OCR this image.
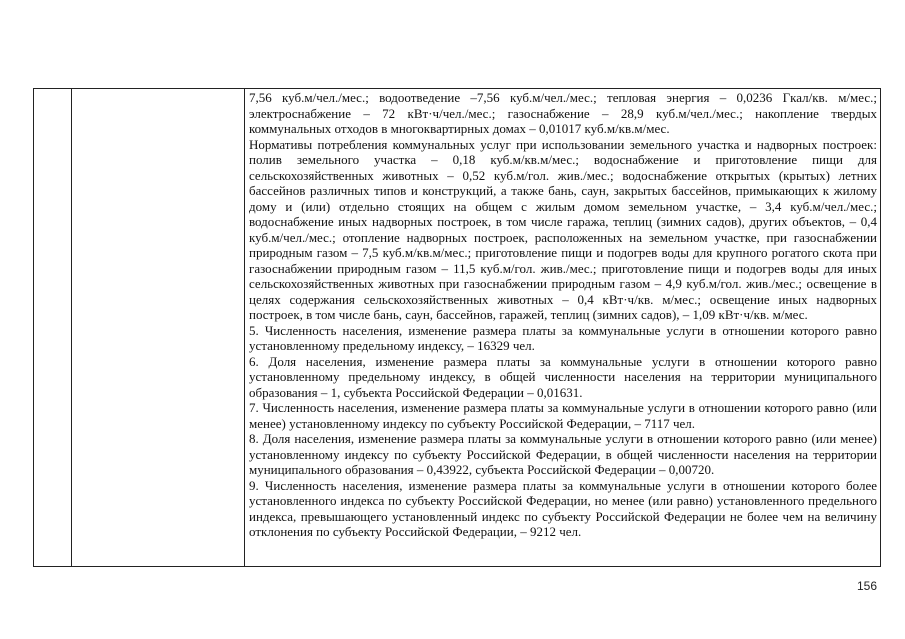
7,56 куб.м/чел./мес.; водоотведение –7,56 куб.м/чел./мес.; тепловая энергия – 0,0236 Гкал/кв. м/мес.; электроснабжение – 72 кВт·ч/чел./мес.; газоснабжение – 28,9 куб.м/чел./мес.; накопление твердых коммунальных отходов в многоквартирных домах – 0,01017 куб.м/кв.м/мес.

Нормативы потребления коммунальных услуг при использовании земельного участка и надворных построек: полив земельного участка – 0,18 куб.м/кв.м/мес.; водоснабжение и приготовление пищи для сельскохозяйственных животных – 0,52 куб.м/гол. жив./мес.; водоснабжение открытых (крытых) летних бассейнов различных типов и конструкций, а также бань, саун, закрытых бассейнов, примыкающих к жилому дому и (или) отдельно стоящих на общем с жилым домом земельном участке, – 3,4 куб.м/чел./мес.; водоснабжение иных надворных построек, в том числе гаража, теплиц (зимних садов), других объектов, – 0,4 куб.м/чел./мес.; отопление надворных построек, расположенных на земельном участке, при газоснабжении природным газом – 7,5 куб.м/кв.м/мес.; приготовление пищи и подогрев воды для крупного рогатого скота при газоснабжении природным газом – 11,5 куб.м/гол. жив./мес.; приготовление пищи и подогрев воды для иных сельскохозяйственных животных при газоснабжении природным газом – 4,9 куб.м/гол. жив./мес.; освещение в целях содержания сельскохозяйственных животных – 0,4 кВт·ч/кв. м/мес.; освещение иных надворных построек, в том числе бань, саун, бассейнов, гаражей, теплиц (зимних садов), – 1,09 кВт·ч/кв. м/мес.

5. Численность населения, изменение размера платы за коммунальные услуги в отношении которого равно установленному предельному индексу, – 16329 чел.

6. Доля населения, изменение размера платы за коммунальные услуги в отношении которого равно установленному предельному индексу, в общей численности населения на территории муниципального образования – 1, субъекта Российской Федерации – 0,01631.

7. Численность населения, изменение размера платы за коммунальные услуги в отношении которого равно (или менее) установленному индексу по субъекту Российской Федерации, – 7117 чел.

8. Доля населения, изменение размера платы за коммунальные услуги в отношении которого равно (или менее) установленному индексу по субъекту Российской Федерации, в общей численности населения на территории муниципального образования – 0,43922, субъекта Российской Федерации – 0,00720.

9. Численность населения, изменение размера платы за коммунальные услуги в отношении которого более установленного индекса по субъекту Российской Федерации, но менее (или равно) установленного предельного индекса, превышающего установленный индекс по субъекту Российской Федерации не более чем на величину отклонения по субъекту Российской Федерации, – 9212 чел.

156
